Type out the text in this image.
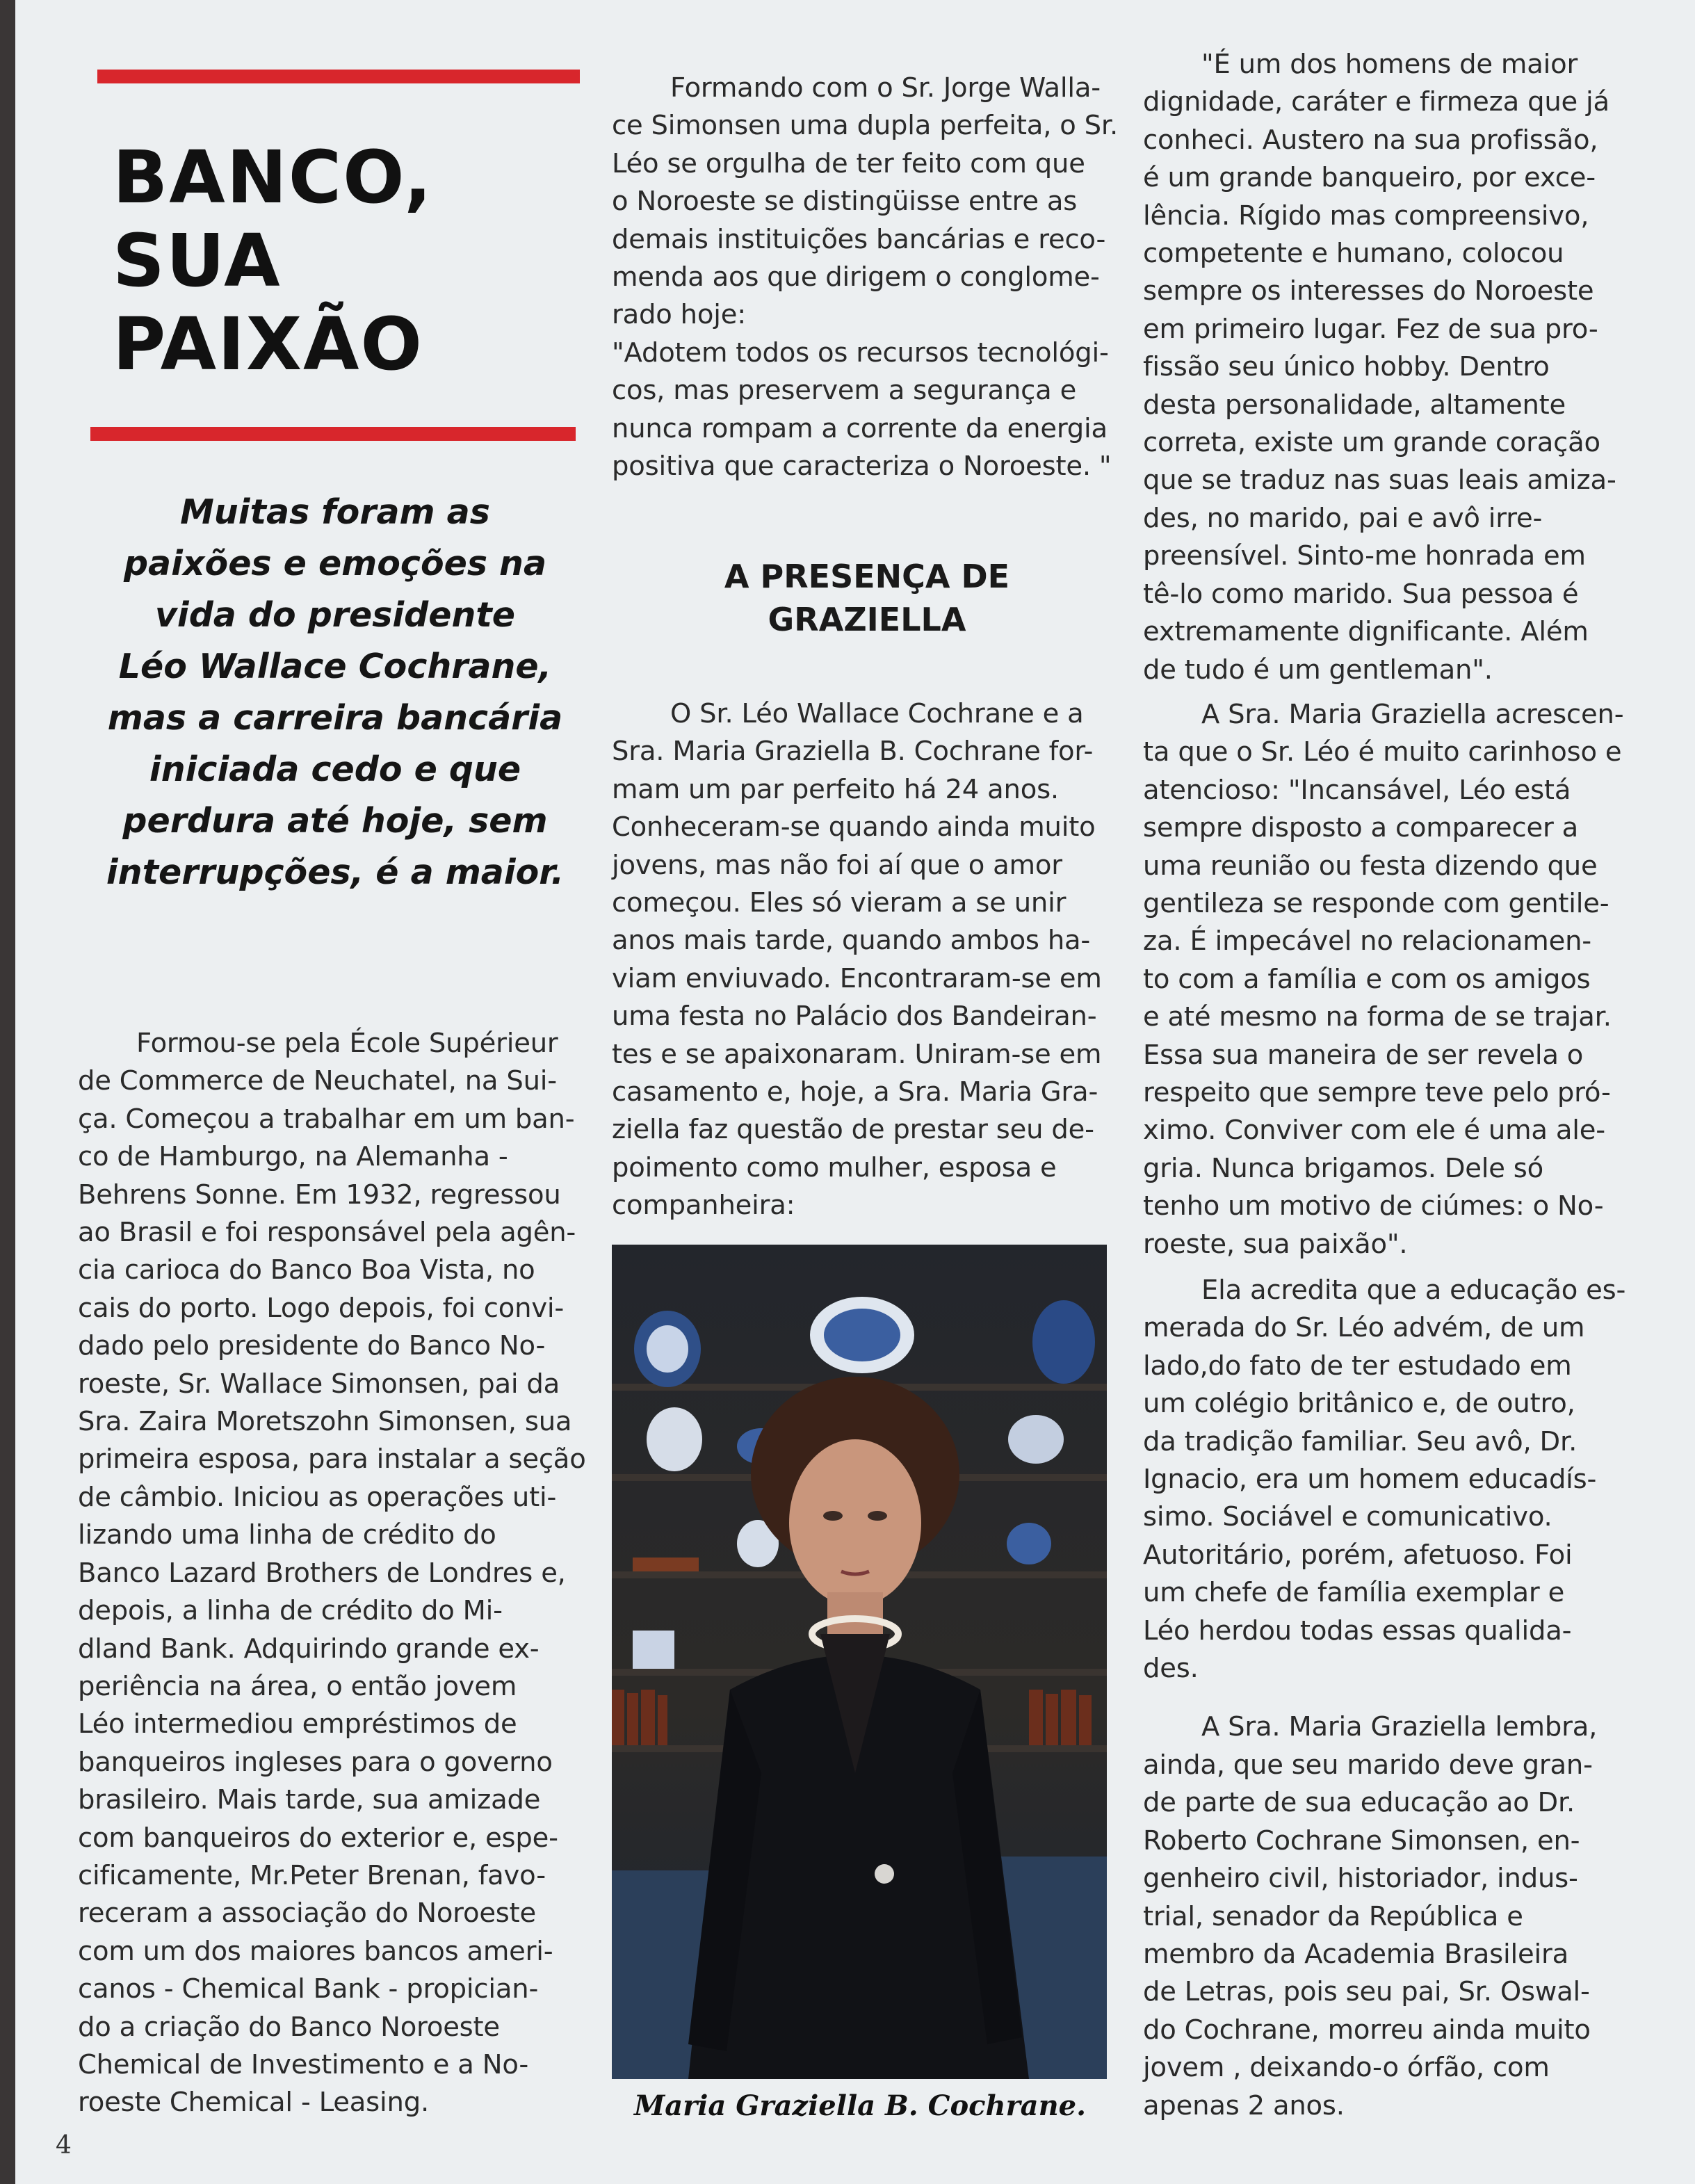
BANCO,
SUA
PAIXÃO
Muitas foram as
paixões e emoções na
vida do presidente
Léo Wallace Cochrane,
mas a carreira bancária
iniciada cedo e que
perdura até hoje, sem
interrupções, é a maior.

Formou-se pela École Supérieur
de Commerce de Neuchatel, na Sui-
ça. Começou a trabalhar em um ban-
co de Hamburgo, na Alemanha -
Behrens Sonne. Em 1932, regressou
ao Brasil e foi responsável pela agên-
cia carioca do Banco Boa Vista, no
cais do porto. Logo depois, foi convi-
dado pelo presidente do Banco No-
roeste, Sr. Wallace Simonsen, pai da
Sra. Zaira Moretszohn Simonsen, sua
primeira esposa, para instalar a seção
de câmbio. Iniciou as operações uti-
lizando uma linha de crédito do
Banco Lazard Brothers de Londres e,
depois, a linha de crédito do Mi-
dland Bank. Adquirindo grande ex-
periência na área, o então jovem
Léo intermediou empréstimos de
banqueiros ingleses para o governo
brasileiro. Mais tarde, sua amizade
com banqueiros do exterior e, espe-
cificamente, Mr.Peter Brenan, favo-
receram a associação do Noroeste
com um dos maiores bancos ameri-
canos - Chemical Bank - propician-
do a criação do Banco Noroeste
Chemical de Investimento e a No-
roeste Chemical - Leasing.

Formando com o Sr. Jorge Walla-
ce Simonsen uma dupla perfeita, o Sr.
Léo se orgulha de ter feito com que
o Noroeste se distingüisse entre as
demais instituições bancárias e reco-
menda aos que dirigem o conglome-
rado hoje:
"Adotem todos os recursos tecnológi-
cos, mas preservem a segurança e
nunca rompam a corrente da energia
positiva que caracteriza o Noroeste. "

A PRESENÇA DE
GRAZIELLA

O Sr. Léo Wallace Cochrane e a
Sra. Maria Graziella B. Cochrane for-
mam um par perfeito há 24 anos.
Conheceram-se quando ainda muito
jovens, mas não foi aí que o amor
começou. Eles só vieram a se unir
anos mais tarde, quando ambos ha-
viam enviuvado. Encontraram-se em
uma festa no Palácio dos Bandeiran-
tes e se apaixonaram. Uniram-se em
casamento e, hoje, a Sra. Maria Gra-
ziella faz questão de prestar seu de-
poimento como mulher, esposa e
companheira:

Maria Graziella B. Cochrane.

"É um dos homens de maior
dignidade, caráter e firmeza que já
conheci. Austero na sua profissão,
é um grande banqueiro, por exce-
lência. Rígido mas compreensivo,
competente e humano, colocou
sempre os interesses do Noroeste
em primeiro lugar. Fez de sua pro-
fissão seu único hobby. Dentro
desta personalidade, altamente
correta, existe um grande coração
que se traduz nas suas leais amiza-
des, no marido, pai e avô irre-
preensível. Sinto-me honrada em
tê-lo como marido. Sua pessoa é
extremamente dignificante. Além
de tudo é um gentleman".

A Sra. Maria Graziella acrescen-
ta que o Sr. Léo é muito carinhoso e
atencioso: "Incansável, Léo está
sempre disposto a comparecer a
uma reunião ou festa dizendo que
gentileza se responde com gentile-
za. É impecável no relacionamen-
to com a família e com os amigos
e até mesmo na forma de se trajar.
Essa sua maneira de ser revela o
respeito que sempre teve pelo pró-
ximo. Conviver com ele é uma ale-
gria. Nunca brigamos. Dele só
tenho um motivo de ciúmes: o No-
roeste, sua paixão".

Ela acredita que a educação es-
merada do Sr. Léo advém, de um
lado,do fato de ter estudado em
um colégio britânico e, de outro,
da tradição familiar. Seu avô, Dr.
Ignacio, era um homem educadís-
simo. Sociável e comunicativo.
Autoritário, porém, afetuoso. Foi
um chefe de família exemplar e
Léo herdou todas essas qualida-
des.

A Sra. Maria Graziella lembra,
ainda, que seu marido deve gran-
de parte de sua educação ao Dr.
Roberto Cochrane Simonsen, en-
genheiro civil, historiador, indus-
trial, senador da República e
membro da Academia Brasileira
de Letras, pois seu pai, Sr. Oswal-
do Cochrane, morreu ainda muito
jovem , deixando-o órfão, com
apenas 2 anos.

4
